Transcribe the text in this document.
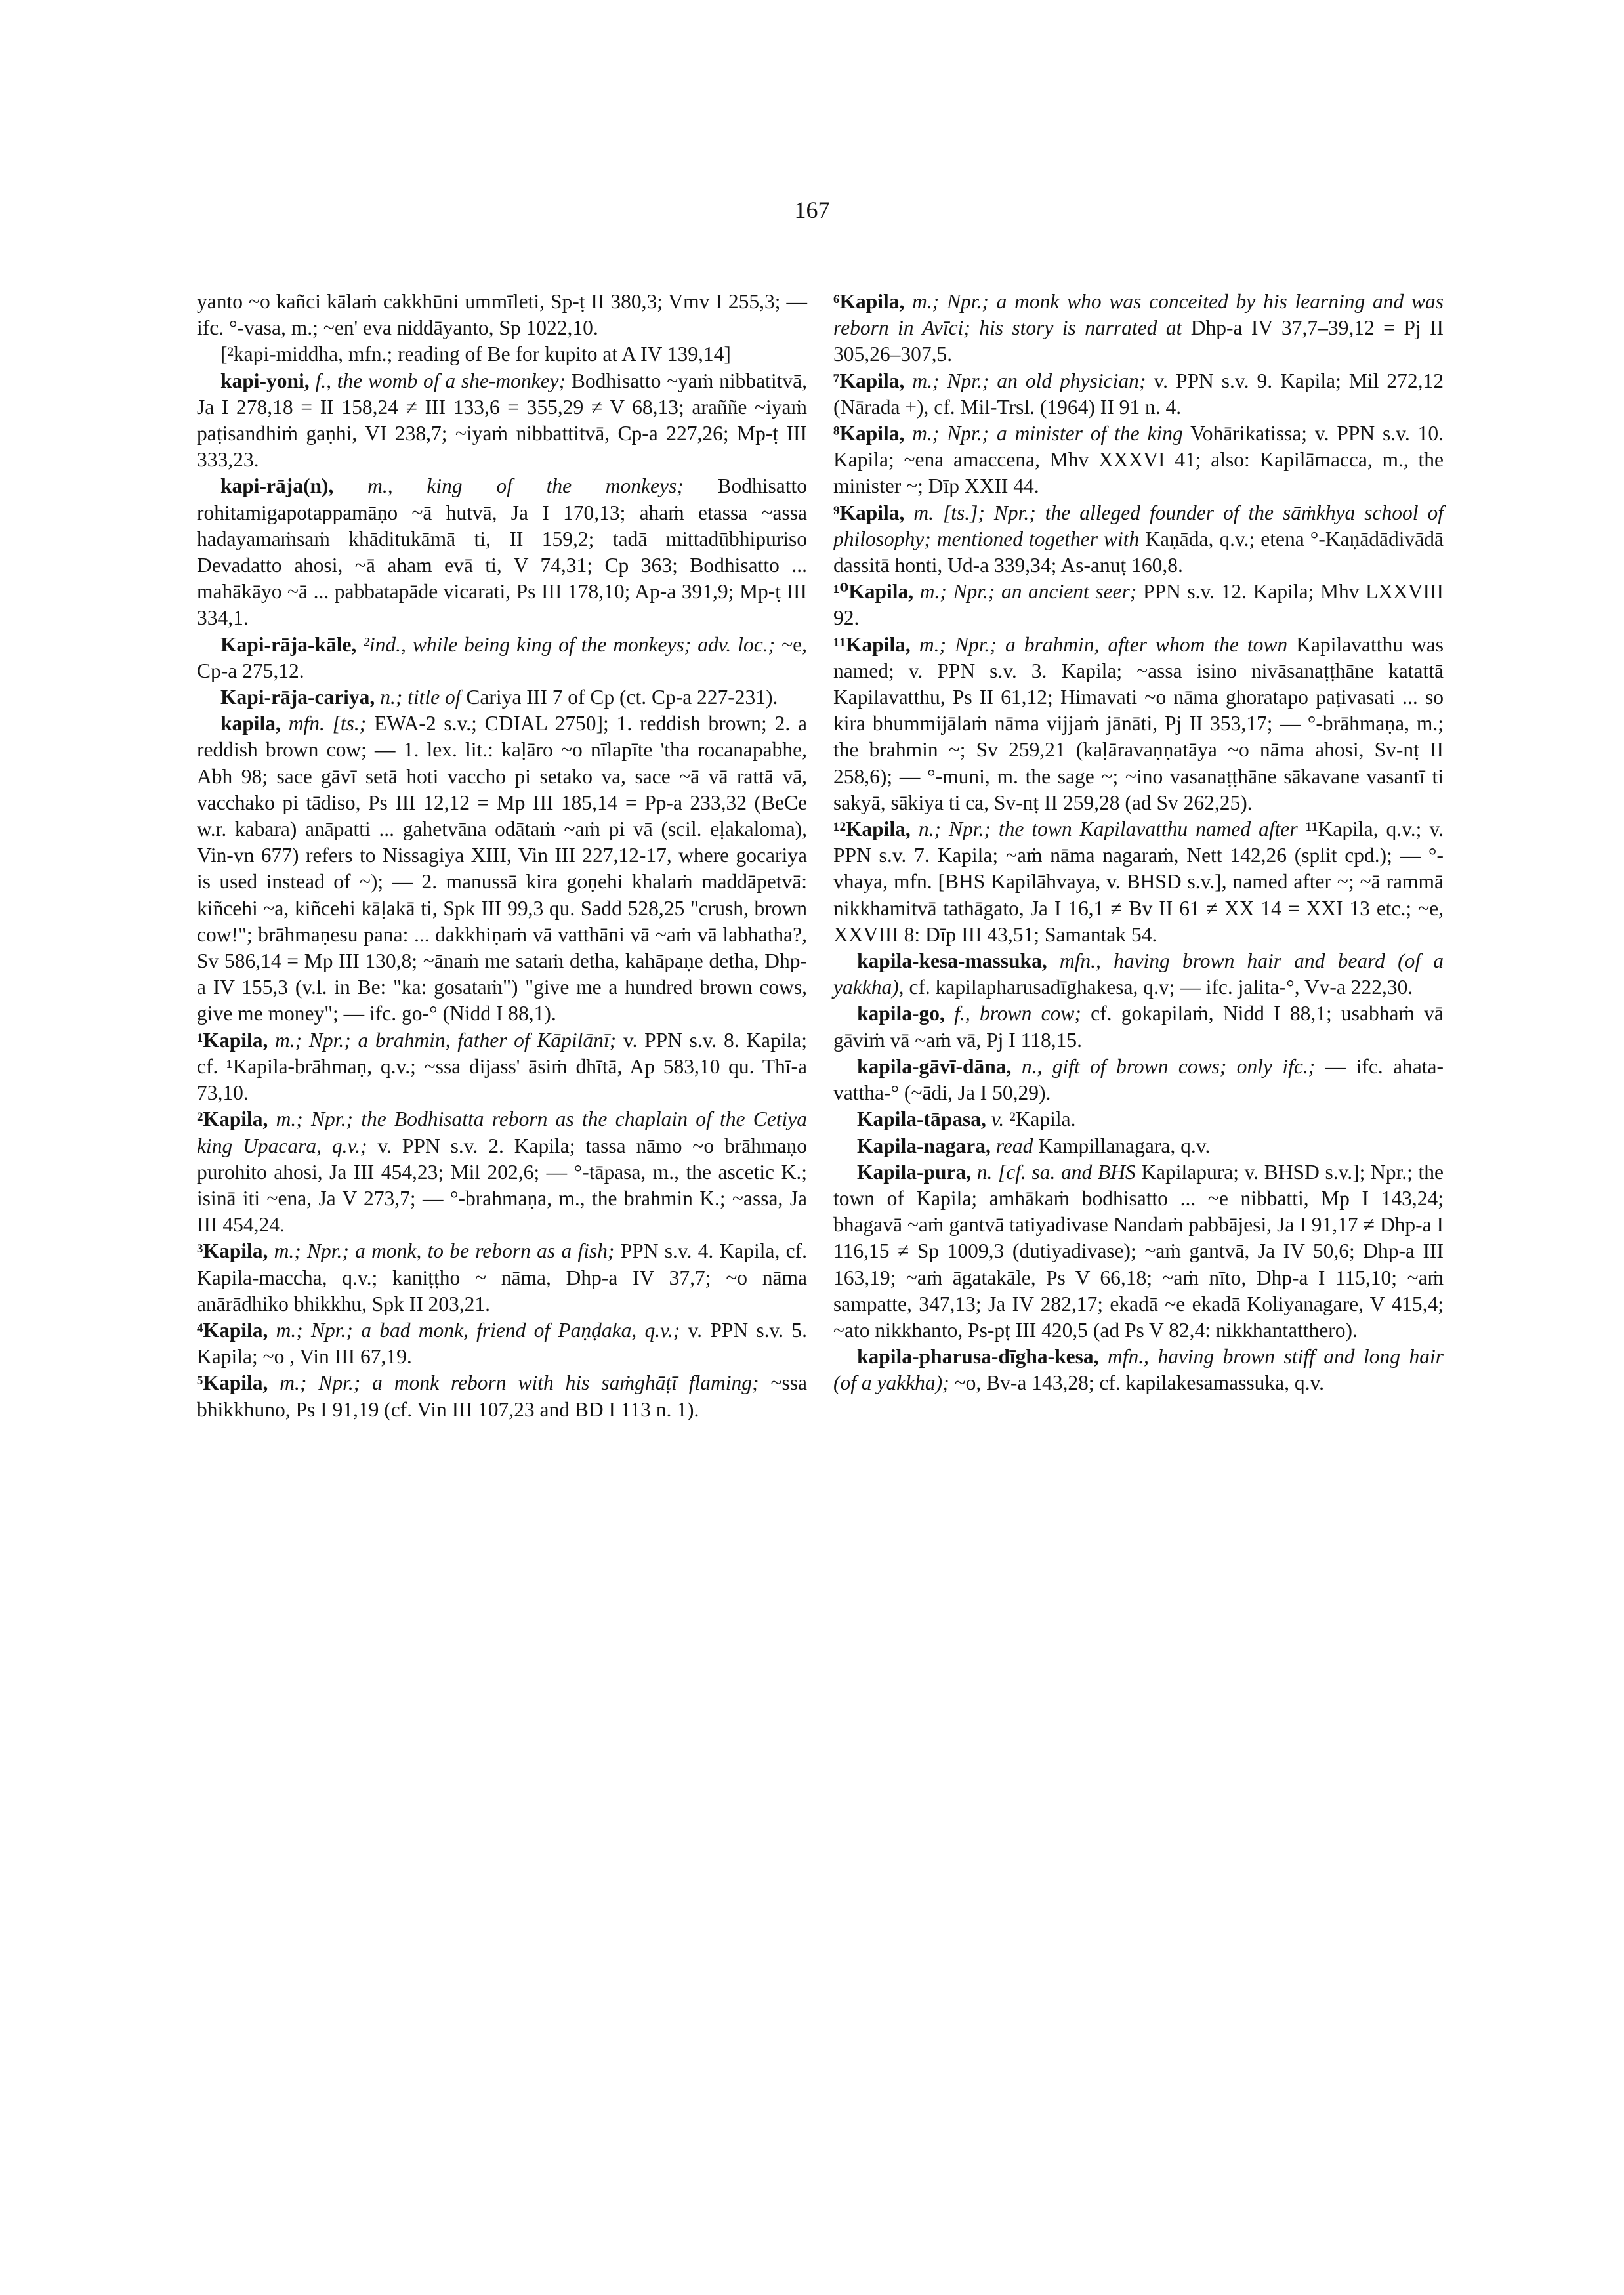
167

yanto ~o kañci kālaṁ cakkhūni ummīleti, Sp-ṭ II 380,3; Vmv I 255,3; — ifc. °-vasa, m.; ~en' eva niddāyanto, Sp 1022,10.

[²kapi-middha, mfn.; reading of Be for kupito at A IV 139,14]

kapi-yoni, f., the womb of a she-monkey; Bodhisatto ~yaṁ nibbatitvā, Ja I 278,18 = II 158,24 ≠ III 133,6 = 355,29 ≠ V 68,13; araññe ~iyaṁ paṭisandhiṁ gaṇhi, VI 238,7; ~iyaṁ nibbattitvā, Cp-a 227,26; Mp-ṭ III 333,23.

kapi-rāja(n), m., king of the monkeys; Bodhisatto rohitamigapotappamāṇo ~ā hutvā, Ja I 170,13; ahaṁ etassa ~assa hadayamaṁsaṁ khāditukāmā ti, II 159,2; tadā mittadūbhipuriso Devadatto ahosi, ~ā aham evā ti, V 74,31; Cp 363; Bodhisatto ... mahākāyo ~ā ... pabbatapāde vicarati, Ps III 178,10; Ap-a 391,9; Mp-ṭ III 334,1.

Kapi-rāja-kāle, ²ind., while being king of the monkeys; adv. loc.; ~e, Cp-a 275,12.

Kapi-rāja-cariya, n.; title of Cariya III 7 of Cp (ct. Cp-a 227-231).

kapila, mfn. [ts.; EWA-2 s.v.; CDIAL 2750]; 1. reddish brown; 2. a reddish brown cow; — 1. lex. lit.: kaḷāro ~o nīlapīte 'tha rocanapabhe, Abh 98; sace gāvī setā hoti vaccho pi setako va, sace ~ā vā rattā vā, vacchako pi tādiso, Ps III 12,12 = Mp III 185,14 = Pp-a 233,32 (BeCe w.r. kabara) anāpatti ... gahetvāna odātaṁ ~aṁ pi vā (scil. eḷakaloma), Vin-vn 677) refers to Nissagiya XIII, Vin III 227,12-17, where gocariya is used instead of ~); — 2. manussā kira goṇehi khalaṁ maddāpetvā: kiñcehi ~a, kiñcehi kāḷakā ti, Spk III 99,3 qu. Sadd 528,25 "crush, brown cow!"; brāhmaṇesu pana: ... dakkhiṇaṁ vā vatthāni vā ~aṁ vā labhatha?, Sv 586,14 = Mp III 130,8; ~ānaṁ me sataṁ detha, kahāpaṇe detha, Dhp-a IV 155,3 (v.l. in Be: "ka: gosataṁ") "give me a hundred brown cows, give me money"; — ifc. go-° (Nidd I 88,1).

¹Kapila, m.; Npr.; a brahmin, father of Kāpilānī; v. PPN s.v. 8. Kapila; cf. ¹Kapila-brāhmaṇ, q.v.; ~ssa dijass' āsiṁ dhītā, Ap 583,10 qu. Thī-a 73,10.

²Kapila, m.; Npr.; the Bodhisatta reborn as the chaplain of the Cetiya king Upacara, q.v.; v. PPN s.v. 2. Kapila; tassa nāmo ~o brāhmaṇo purohito ahosi, Ja III 454,23; Mil 202,6; — °-tāpasa, m., the ascetic K.; isinā iti ~ena, Ja V 273,7; — °-brahmaṇa, m., the brahmin K.; ~assa, Ja III 454,24.

³Kapila, m.; Npr.; a monk, to be reborn as a fish; PPN s.v. 4. Kapila, cf. Kapila-maccha, q.v.; kaniṭṭho ~ nāma, Dhp-a IV 37,7; ~o nāma anārādhiko bhikkhu, Spk II 203,21.

⁴Kapila, m.; Npr.; a bad monk, friend of Paṇḍaka, q.v.; v. PPN s.v. 5. Kapila; ~o , Vin III 67,19.

⁵Kapila, m.; Npr.; a monk reborn with his saṁghāṭī flaming; ~ssa bhikkhuno, Ps I 91,19 (cf. Vin III 107,23 and BD I 113 n. 1).

⁶Kapila, m.; Npr.; a monk who was conceited by his learning and was reborn in Avīci; his story is narrated at Dhp-a IV 37,7–39,12 = Pj II 305,26–307,5.

⁷Kapila, m.; Npr.; an old physician; v. PPN s.v. 9. Kapila; Mil 272,12 (Nārada +), cf. Mil-Trsl. (1964) II 91 n. 4.

⁸Kapila, m.; Npr.; a minister of the king Vohārikatissa; v. PPN s.v. 10. Kapila; ~ena amaccena, Mhv XXXVI 41; also: Kapilāmacca, m., the minister ~; Dīp XXII 44.

⁹Kapila, m. [ts.]; Npr.; the alleged founder of the sāṁkhya school of philosophy; mentioned together with Kaṇāda, q.v.; etena °-Kaṇādādivādā dassitā honti, Ud-a 339,34; As-anuṭ 160,8.

¹⁰Kapila, m.; Npr.; an ancient seer; PPN s.v. 12. Kapila; Mhv LXXVIII 92.

¹¹Kapila, m.; Npr.; a brahmin, after whom the town Kapilavatthu was named; v. PPN s.v. 3. Kapila; ~assa isino nivāsanaṭṭhāne katattā Kapilavatthu, Ps II 61,12; Himavati ~o nāma ghoratapo paṭivasati ... so kira bhummijālaṁ nāma vijjaṁ jānāti, Pj II 353,17; — °-brāhmaṇa, m.; the brahmin ~; Sv 259,21 (kaḷāravaṇṇatāya ~o nāma ahosi, Sv-nṭ II 258,6); — °-muni, m. the sage ~; ~ino vasanaṭṭhāne sākavane vasantī ti sakyā, sākiya ti ca, Sv-nṭ II 259,28 (ad Sv 262,25).

¹²Kapila, n.; Npr.; the town Kapilavatthu named after ¹¹Kapila, q.v.; v. PPN s.v. 7. Kapila; ~aṁ nāma nagaraṁ, Nett 142,26 (split cpd.); — °-vhaya, mfn. [BHS Kapilāhvaya, v. BHSD s.v.], named after ~; ~ā rammā nikkhamitvā tathāgato, Ja I 16,1 ≠ Bv II 61 ≠ XX 14 = XXI 13 etc.; ~e, XXVIII 8: Dīp III 43,51; Samantak 54.

kapila-kesa-massuka, mfn., having brown hair and beard (of a yakkha), cf. kapilapharusadīghakesa, q.v; — ifc. jalita-°, Vv-a 222,30.

kapila-go, f., brown cow; cf. gokapilaṁ, Nidd I 88,1; usabhaṁ vā gāviṁ vā ~aṁ vā, Pj I 118,15.

kapila-gāvī-dāna, n., gift of brown cows; only ifc.; — ifc. ahata-vattha-° (~ādi, Ja I 50,29).

Kapila-tāpasa, v. ²Kapila.

Kapila-nagara, read Kampillanagara, q.v.

Kapila-pura, n. [cf. sa. and BHS Kapilapura; v. BHSD s.v.]; Npr.; the town of Kapila; amhākaṁ bodhisatto ... ~e nibbatti, Mp I 143,24; bhagavā ~aṁ gantvā tatiyadivase Nandaṁ pabbājesi, Ja I 91,17 ≠ Dhp-a I 116,15 ≠ Sp 1009,3 (dutiyadivase); ~aṁ gantvā, Ja IV 50,6; Dhp-a III 163,19; ~aṁ āgatakāle, Ps V 66,18; ~aṁ nīto, Dhp-a I 115,10; ~aṁ sampatte, 347,13; Ja IV 282,17; ekadā ~e ekadā Koliyanagare, V 415,4; ~ato nikkhanto, Ps-pṭ III 420,5 (ad Ps V 82,4: nikkhantatthero).

kapila-pharusa-dīgha-kesa, mfn., having brown stiff and long hair (of a yakkha); ~o, Bv-a 143,28; cf. kapilakesamassuka, q.v.
